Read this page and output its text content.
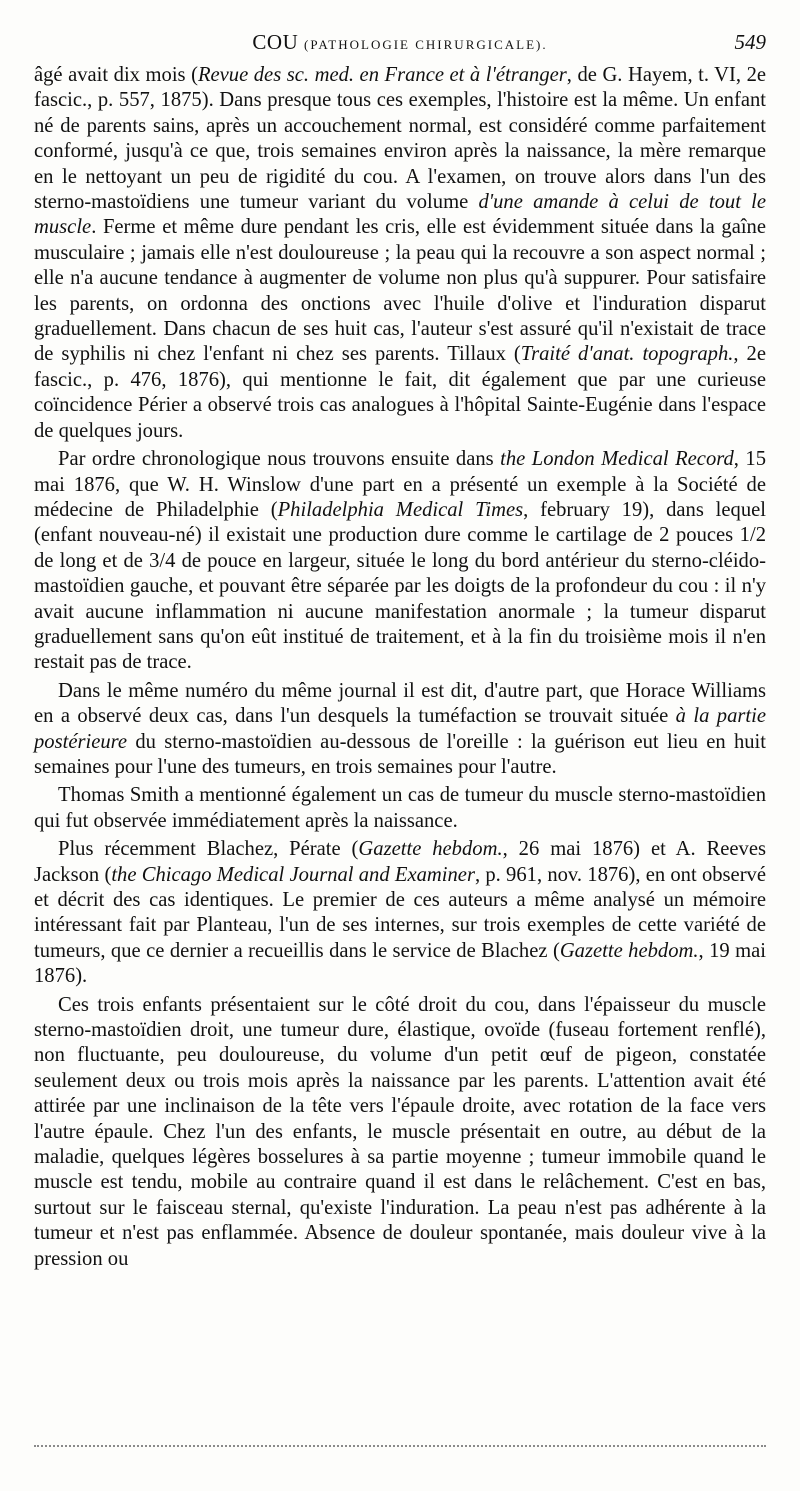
COU (PATHOLOGIE CHIRURGICALE).	549

âgé avait dix mois (Revue des sc. med. en France et à l'étranger, de G. Hayem, t. VI, 2e fascic., p. 557, 1875). Dans presque tous ces exemples, l'histoire est la même. Un enfant né de parents sains, après un accouchement normal, est considéré comme parfaitement conformé, jusqu'à ce que, trois semaines environ après la naissance, la mère remarque en le nettoyant un peu de rigidité du cou. A l'examen, on trouve alors dans l'un des sterno-mastoïdiens une tumeur variant du volume d'une amande à celui de tout le muscle. Ferme et même dure pendant les cris, elle est évidemment située dans la gaîne musculaire ; jamais elle n'est douloureuse ; la peau qui la recouvre a son aspect normal ; elle n'a aucune tendance à augmenter de volume non plus qu'à suppurer. Pour satisfaire les parents, on ordonna des onctions avec l'huile d'olive et l'induration disparut graduellement. Dans chacun de ses huit cas, l'auteur s'est assuré qu'il n'existait de trace de syphilis ni chez l'enfant ni chez ses parents. Tillaux (Traité d'anat. topograph., 2e fascic., p. 476, 1876), qui mentionne le fait, dit également que par une curieuse coïncidence Périer a observé trois cas analogues à l'hôpital Sainte-Eugénie dans l'espace de quelques jours.

Par ordre chronologique nous trouvons ensuite dans the London Medical Record, 15 mai 1876, que W. H. Winslow d'une part en a présenté un exemple à la Société de médecine de Philadelphie (Philadelphia Medical Times, february 19), dans lequel (enfant nouveau-né) il existait une production dure comme le cartilage de 2 pouces 1/2 de long et de 3/4 de pouce en largeur, située le long du bord antérieur du sterno-cléido-mastoïdien gauche, et pouvant être séparée par les doigts de la profondeur du cou : il n'y avait aucune inflammation ni aucune manifestation anormale ; la tumeur disparut graduellement sans qu'on eût institué de traitement, et à la fin du troisième mois il n'en restait pas de trace.

Dans le même numéro du même journal il est dit, d'autre part, que Horace Williams en a observé deux cas, dans l'un desquels la tuméfaction se trouvait située à la partie postérieure du sterno-mastoïdien au-dessous de l'oreille : la guérison eut lieu en huit semaines pour l'une des tumeurs, en trois semaines pour l'autre.

Thomas Smith a mentionné également un cas de tumeur du muscle sterno-mastoïdien qui fut observée immédiatement après la naissance.

Plus récemment Blachez, Pérate (Gazette hebdom., 26 mai 1876) et A. Reeves Jackson (the Chicago Medical Journal and Examiner, p. 961, nov. 1876), en ont observé et décrit des cas identiques. Le premier de ces auteurs a même analysé un mémoire intéressant fait par Planteau, l'un de ses internes, sur trois exemples de cette variété de tumeurs, que ce dernier a recueillis dans le service de Blachez (Gazette hebdom., 19 mai 1876).

Ces trois enfants présentaient sur le côté droit du cou, dans l'épaisseur du muscle sterno-mastoïdien droit, une tumeur dure, élastique, ovoïde (fuseau fortement renflé), non fluctuante, peu douloureuse, du volume d'un petit œuf de pigeon, constatée seulement deux ou trois mois après la naissance par les parents. L'attention avait été attirée par une inclinaison de la tête vers l'épaule droite, avec rotation de la face vers l'autre épaule. Chez l'un des enfants, le muscle présentait en outre, au début de la maladie, quelques légères bosselures à sa partie moyenne ; tumeur immobile quand le muscle est tendu, mobile au contraire quand il est dans le relâchement. C'est en bas, surtout sur le faisceau sternal, qu'existe l'induration. La peau n'est pas adhérente à la tumeur et n'est pas enflammée. Absence de douleur spontanée, mais douleur vive à la pression ou
